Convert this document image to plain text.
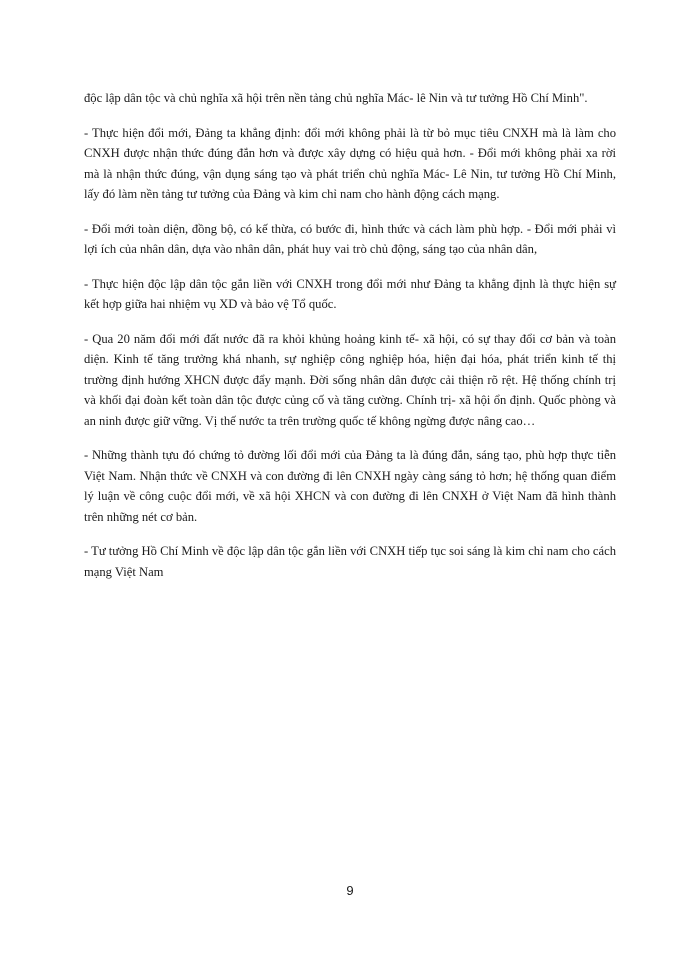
độc lập dân tộc và chủ nghĩa xã hội trên nền tảng chủ nghĩa Mác- lê Nin và tư tưởng Hồ Chí Minh".

- Thực hiện đổi mới, Đảng ta khẳng định: đổi mới không phải là từ bỏ mục tiêu CNXH mà là làm cho CNXH được nhận thức đúng đắn hơn và được xây dựng có hiệu quả hơn. - Đổi mới không phải xa rời mà là nhận thức đúng, vận dụng sáng tạo và phát triển chủ nghĩa Mác- Lê Nin, tư tưởng Hồ Chí Minh, lấy đó làm nền tảng tư tưởng của Đảng và kim chỉ nam cho hành động cách mạng.

- Đổi mới toàn diện, đồng bộ, có kế thừa, có bước đi, hình thức và cách làm phù hợp. - Đổi mới phải vì lợi ích của nhân dân, dựa vào nhân dân, phát huy vai trò chủ động, sáng tạo của nhân dân,

- Thực hiện độc lập dân tộc gắn liền với CNXH trong đổi mới như Đảng ta khẳng định là thực hiện sự kết hợp giữa hai nhiệm vụ XD và bảo vệ Tổ quốc.

- Qua 20 năm đổi mới đất nước đã ra khỏi khủng hoảng kinh tế- xã hội, có sự thay đổi cơ bản và toàn diện. Kinh tế tăng trưởng khá nhanh, sự nghiệp công nghiệp hóa, hiện đại hóa, phát triển kinh tế thị trường định hướng XHCN được đẩy mạnh. Đời sống nhân dân được cải thiện rõ rệt. Hệ thống chính trị và khối đại đoàn kết toàn dân tộc được củng cố và tăng cường. Chính trị- xã hội ổn định. Quốc phòng và an ninh được giữ vững. Vị thế nước ta trên trường quốc tế không ngừng được nâng cao…

- Những thành tựu đó chứng tỏ đường lối đổi mới của Đảng ta là đúng đắn, sáng tạo, phù hợp thực tiễn Việt Nam. Nhận thức về CNXH và con đường đi lên CNXH ngày càng sáng tỏ hơn; hệ thống quan điểm lý luận về công cuộc đổi mới, về xã hội XHCN và con đường đi lên CNXH ở Việt Nam đã hình thành trên những nét cơ bản.

- Tư tưởng Hồ Chí Minh về độc lập dân tộc gắn liền với CNXH tiếp tục soi sáng là kim chỉ nam cho cách mạng Việt Nam

9
